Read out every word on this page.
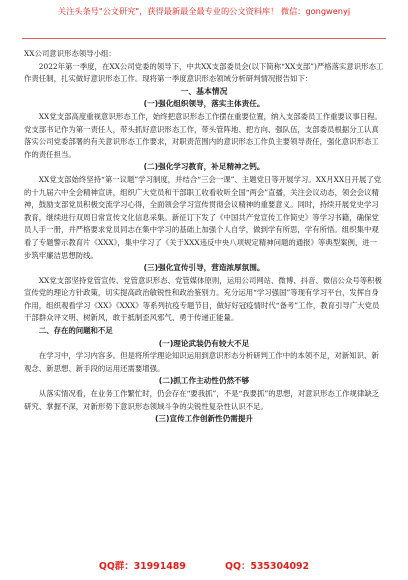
关注头条号"公文研究"，获得最新最全最专业的公文资料库！ 微信：gongwenyj

XX公司意识形态领导小组：

2022年第一季度，在XX公司党委的领导下，中共XX支部委员会(以下简称“XX支部”)严格落实意识形态工作责任制，扎实做好意识形态工作。现将第一季度意识形态领域分析研判情况报告如下：

一、基本情况

(一)强化组织领导，落实主体责任。

XX党支部高度重视意识形态工作，始终把意识形态工作摆在重要位置，纳入支部委员工作重要议事日程。党支部书记作为第一责任人，带头抓好意识形态工作，带头管阵地、把方向、强队伍，支部委员根据分工认真落实公司党委部署的有关意识形态工作要求，对职责范围内的意识形态工作负主要领导责任，强化意识形态工作的责任担当。

(二)强化学习教育，补足精神之钙。

XX党支部始终坚持“第一议题”学习制度，并结合“三会一课”、主题党日等开展学习。XX月XX日开展了党的十九届六中全会精神宣讲，组织广大党员和干部职工收看收听全国“两会”直播，关注会议动态，领会会议精神，鼓励支部党员积极交流学习心得，全面领会学习宣传贯彻会议精神的重要意义。同时，持续开展党史学习教育，继续进行双周日常宣传文化信息采集。新征订下发了《中国共产党宣传工作简史》等学习书籍，确保党员人手一册，并严格要求党员同志在集中学习的基础上加强个人自学，做到学有所思，学有所悟。组织集中观看了专题警示教育片《XXX》，集中学习了《关于XXX违反中央八项规定精神问题的通报》等典型案例，进一步筑牢廉洁思想防线。

(三)强化宣传引导，营造浓厚氛围。

XX党支部坚持党管宣传、党管意识形态、党管媒体原则，运用公司网站、微博、抖音、微信公众号等积极宣传党的理论方针政策，切实提高政治敏锐性和政治鉴别力。充分运用“学习强国”等现有学习平台，发挥自身作用，组织观看学习《XX》《XXX》等系列抗疫专题节目，做好好冠疫情时代“备考”工作，教育引导广大党员干部群众评文明、树新风，敢于抵制歪风邪气、勇于传递正能量。

二、存在的问题和不足

(一)理论武装仍有较大不足

在学习中，学习内容多。但是将所学理论知识运用到意识形态分析研判工作中的本领不足，对新知识、新观念、新思想、新手段的运用还需要增强。

(二)抓工作主动性仍然不够

从落实情况看，在业务工作繁忙时，仍会存在“要我抓”，不是“我要抓”的思想，对意识形态工作规律缺乏研究、掌握不深，对新形势下意识形态领域斗争的尖锐性复杂性认识不足。

(三)宣传工作创新性仍需提升

QQ群：31991489	QQ：535304092
